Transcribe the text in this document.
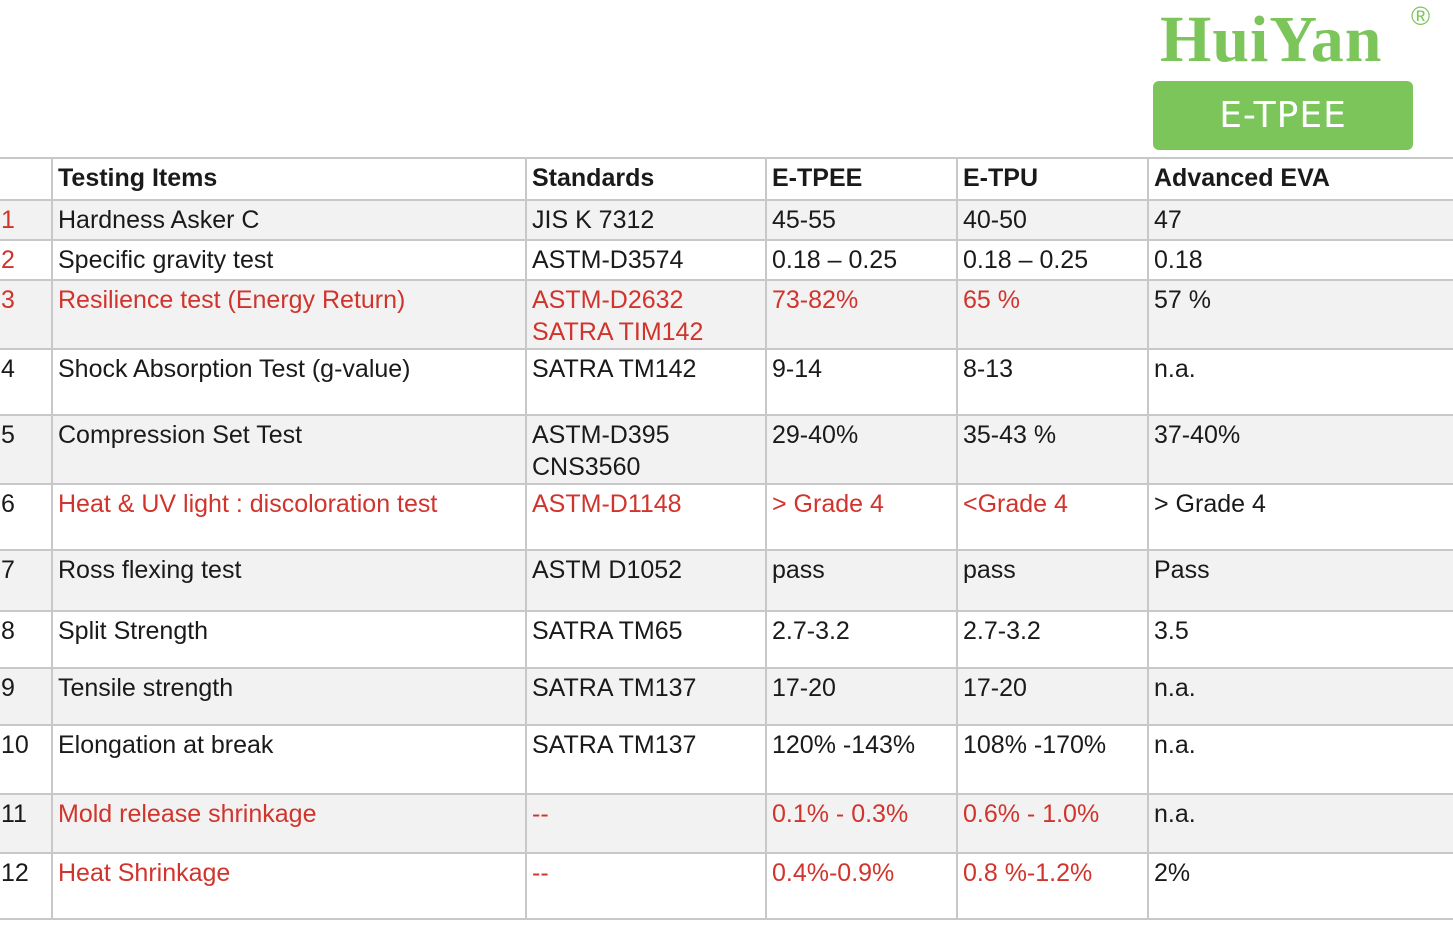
HuiYan ®
E-TPEE
	Testing Items	Standards	E-TPEE	E-TPU	Advanced EVA
1	Hardness Asker C	JIS K 7312	45-55	40-50	47
2	Specific gravity test	ASTM-D3574	0.18 – 0.25	0.18 – 0.25	0.18
3	Resilience test (Energy Return)	ASTM-D2632
SATRA TIM142	73-82%	65 %	57 %
4	Shock Absorption Test (g-value)	SATRA TM142	9-14	8-13	n.a.
5	Compression Set Test	ASTM-D395
CNS3560	29-40%	35-43 %	37-40%
6	Heat & UV light : discoloration test	ASTM-D1148	> Grade 4	<Grade 4	> Grade 4
7	Ross flexing test	ASTM D1052	pass	pass	Pass
8	Split Strength	SATRA TM65	2.7-3.2	2.7-3.2	3.5
9	Tensile strength	SATRA TM137	17-20	17-20	n.a.
10	Elongation at break	SATRA TM137	120% -143%	108% -170%	n.a.
11	Mold release shrinkage	--	0.1% - 0.3%	0.6% - 1.0%	n.a.
12	Heat Shrinkage	--	0.4%-0.9%	0.8 %-1.2%	2%
